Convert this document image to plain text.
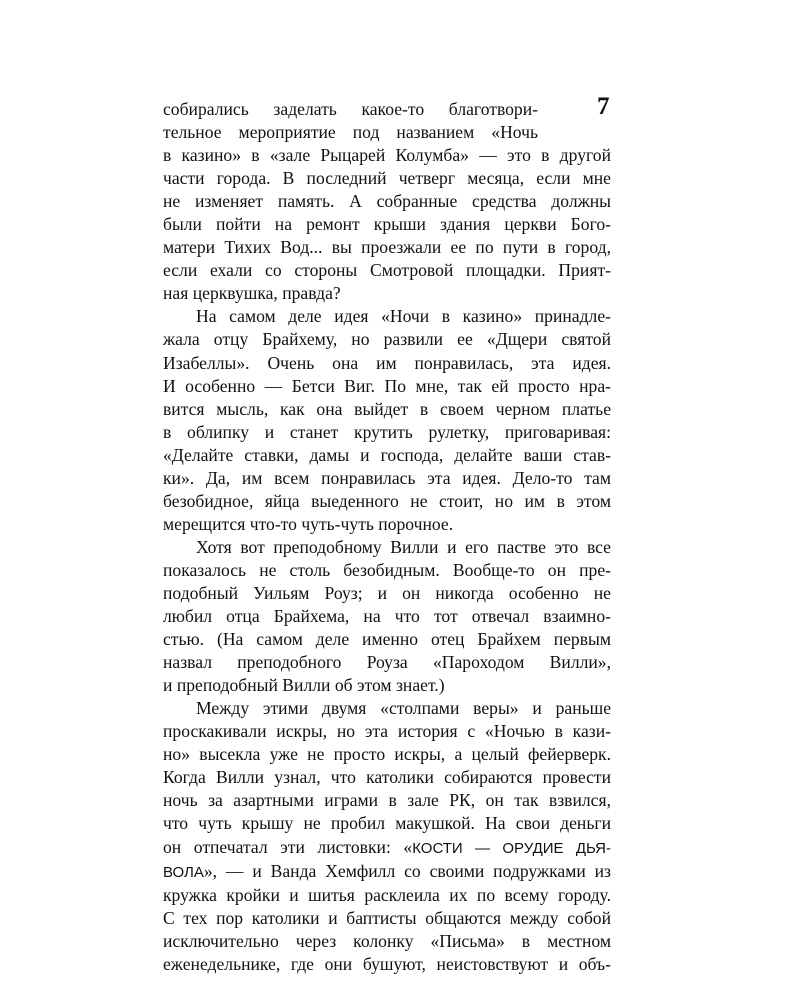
7
собирались заделать какое-то благотвори-
тельное мероприятие под названием «Ночь
в казино» в «зале Рыцарей Колумба» — это в другой
части города. В последний четверг месяца, если мне
не изменяет память. А собранные средства должны
были пойти на ремонт крыши здания церкви Бого-
матери Тихих Вод... вы проезжали ее по пути в город,
если ехали со стороны Смотровой площадки. Прият-
ная церквушка, правда?
На самом деле идея «Ночи в казино» принадле-
жала отцу Брайхему, но развили ее «Дщери святой
Изабеллы». Очень она им понравилась, эта идея.
И особенно — Бетси Виг. По мне, так ей просто нра-
вится мысль, как она выйдет в своем черном платье
в облипку и станет крутить рулетку, приговаривая:
«Делайте ставки, дамы и господа, делайте ваши став-
ки». Да, им всем понравилась эта идея. Дело-то там
безобидное, яйца выеденного не стоит, но им в этом
мерещится что-то чуть-чуть порочное.
Хотя вот преподобному Вилли и его пастве это все
показалось не столь безобидным. Вообще-то он пре-
подобный Уильям Роуз; и он никогда особенно не
любил отца Брайхема, на что тот отвечал взаимно-
стью. (На самом деле именно отец Брайхем первым
назвал преподобного Роуза «Пароходом Вилли»,
и преподобный Вилли об этом знает.)
Между этими двумя «столпами веры» и раньше
проскакивали искры, но эта история с «Ночью в кази-
но» высекла уже не просто искры, а целый фейерверк.
Когда Вилли узнал, что католики собираются провести
ночь за азартными играми в зале РК, он так взвился,
что чуть крышу не пробил макушкой. На свои деньги
он отпечатал эти листовки: «КОСТИ — ОРУДИЕ ДЬЯ-
ВОЛА», — и Ванда Хемфилл со своими подружками из
кружка кройки и шитья расклеила их по всему городу.
С тех пор католики и баптисты общаются между собой
исключительно через колонку «Письма» в местном
еженедельнике, где они бушуют, неистовствуют и объ-
